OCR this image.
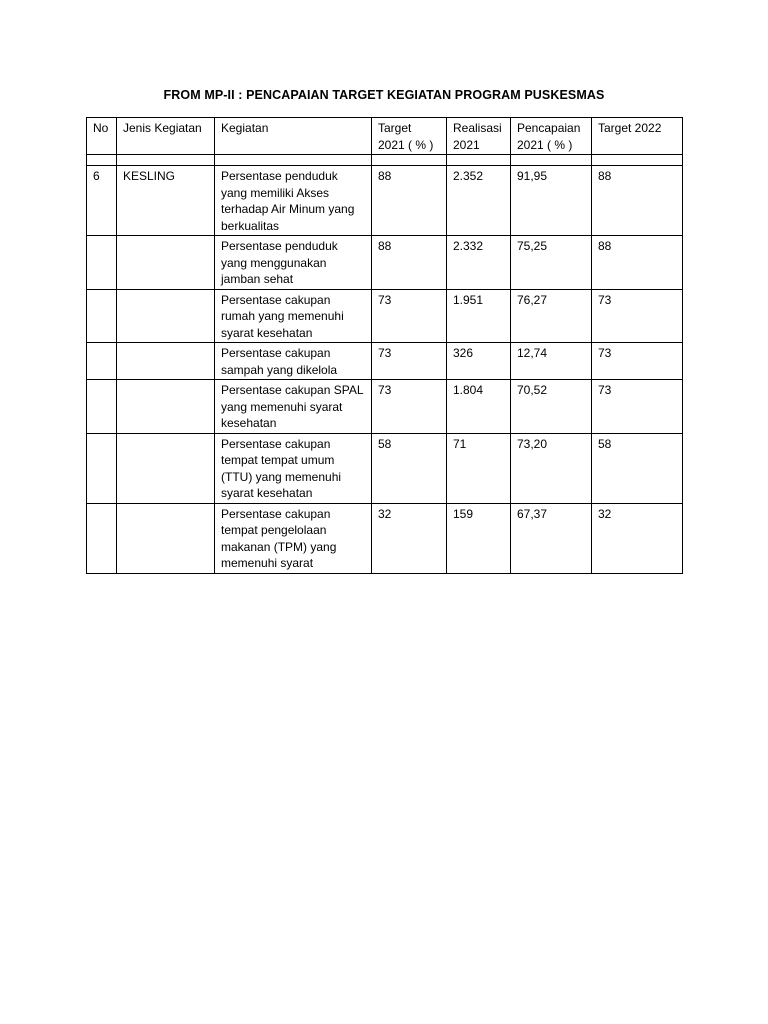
FROM MP-II : PENCAPAIAN TARGET KEGIATAN PROGRAM PUSKESMAS
No	Jenis Kegiatan	Kegiatan	Target 2021 ( % )	Realisasi 2021	Pencapaian 2021 ( % )	Target 2022

6	KESLING	Persentase penduduk yang memiliki Akses terhadap Air Minum yang berkualitas	88	2.352	91,95	88
		Persentase penduduk yang menggunakan jamban sehat	88	2.332	75,25	88
		Persentase cakupan rumah yang memenuhi syarat kesehatan	73	1.951	76,27	73
		Persentase cakupan sampah yang dikelola	73	326	12,74	73
		Persentase cakupan SPAL yang memenuhi syarat kesehatan	73	1.804	70,52	73
		Persentase cakupan tempat tempat umum (TTU) yang memenuhi syarat kesehatan	58	71	73,20	58
		Persentase cakupan tempat pengelolaan makanan (TPM) yang memenuhi syarat	32	159	67,37	32
